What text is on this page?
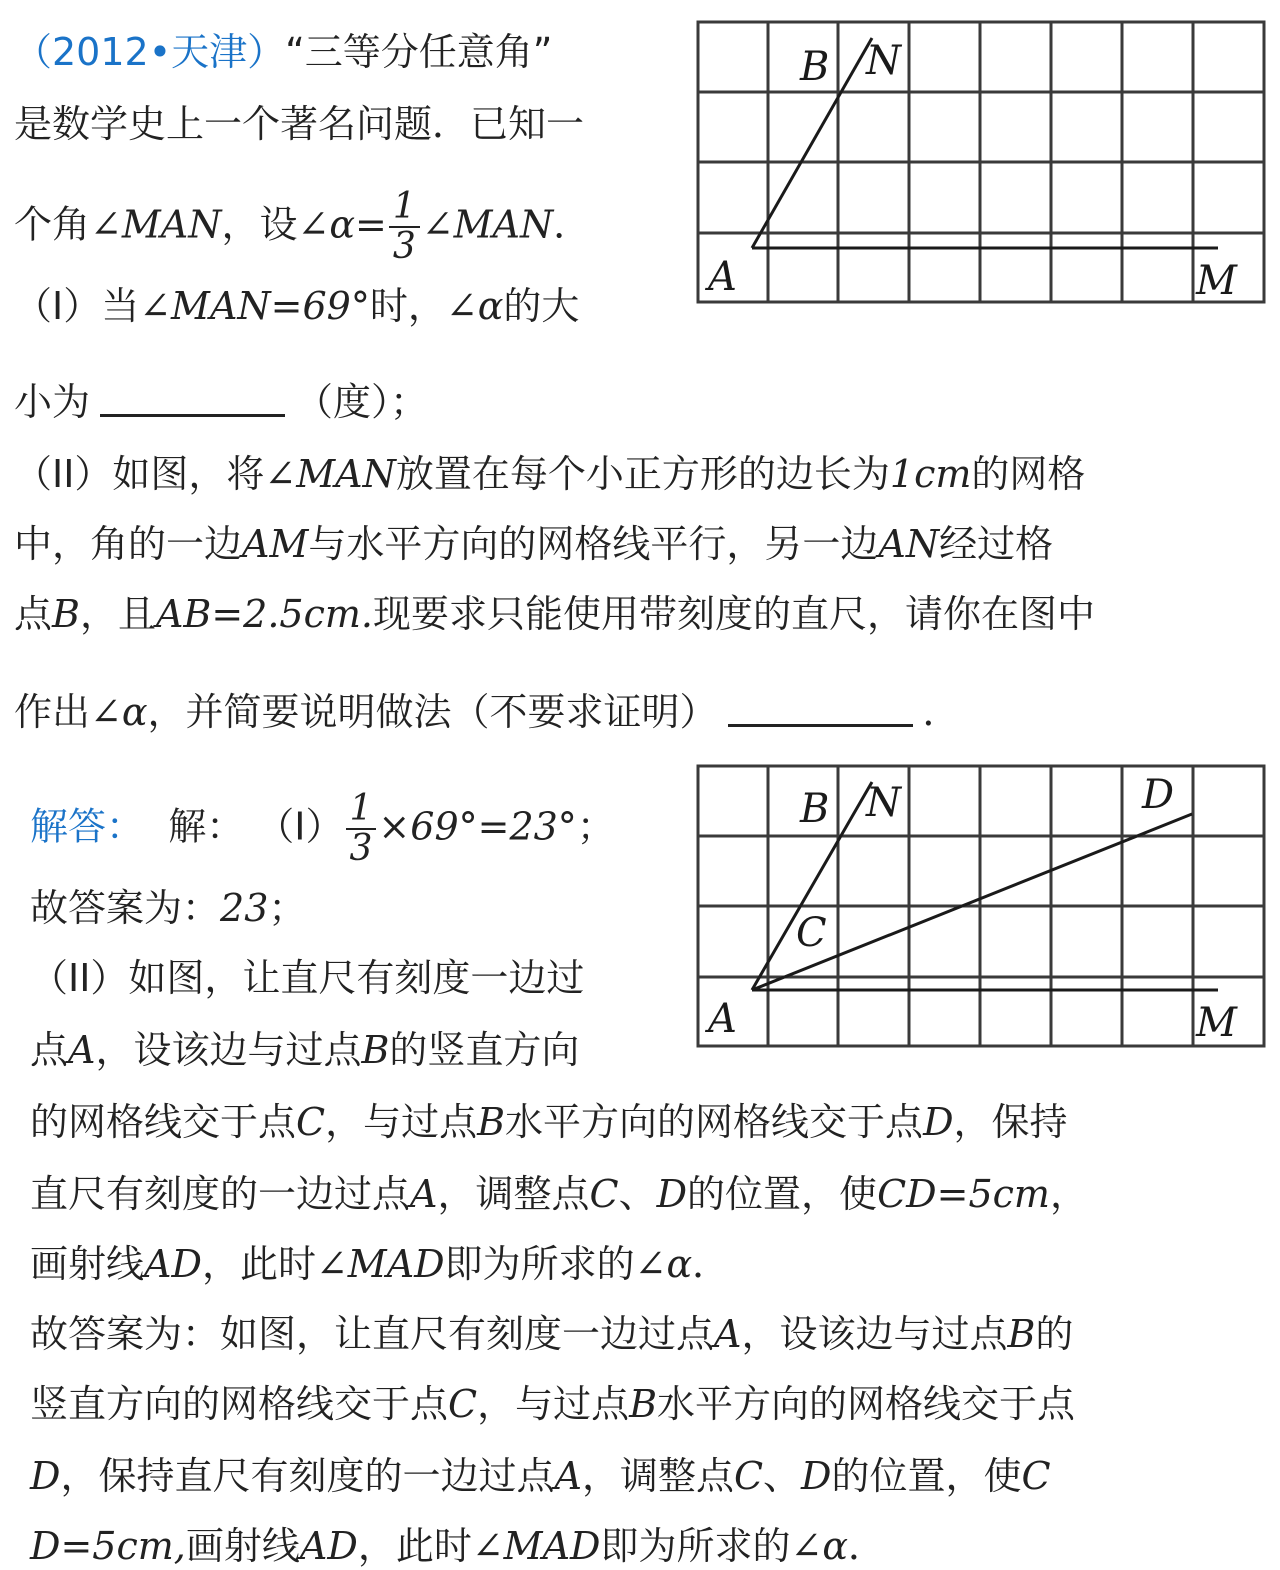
（2012•天津）“三等分任意角”
是数学史上一个著名问题．已知一
个角∠MAN，设∠α= $\frac{1}{3}$ ∠MAN．
（I）当∠MAN=69°时，∠α的大
小为	（度）；
（II）如图，将∠MAN放置在每个小正方形的边长为1cm的网格
中，角的一边AM与水平方向的网格线平行，另一边AN经过格
点B，且AB=2.5cm.现要求只能使用带刻度的直尺，请你在图中
作出∠α，并简要说明做法（不要求证明）	．
A
B N
M
解答： 解： $(I) \frac{1}{3} \times 69^\circ=23^\circ$；
故答案为：23；
（II）如图，让直尺有刻度一边过
点A，设该边与过点B的竖直方向
的网格线交于点C，与过点B水平方向的网格线交于点D，保持
直尺有刻度的一边过点A，调整点C、D的位置，使CD=5cm，
画射线AD，此时∠MAD即为所求的∠α．
故答案为：如图，让直尺有刻度一边过点A，设该边与过点B的
竖直方向的网格线交于点C，与过点B水平方向的网格线交于点
D，保持直尺有刻度的一边过点A，调整点C、D的位置，使C
D=5cm,画射线AD，此时∠MAD即为所求的∠α．
A
B N
C
D
M
